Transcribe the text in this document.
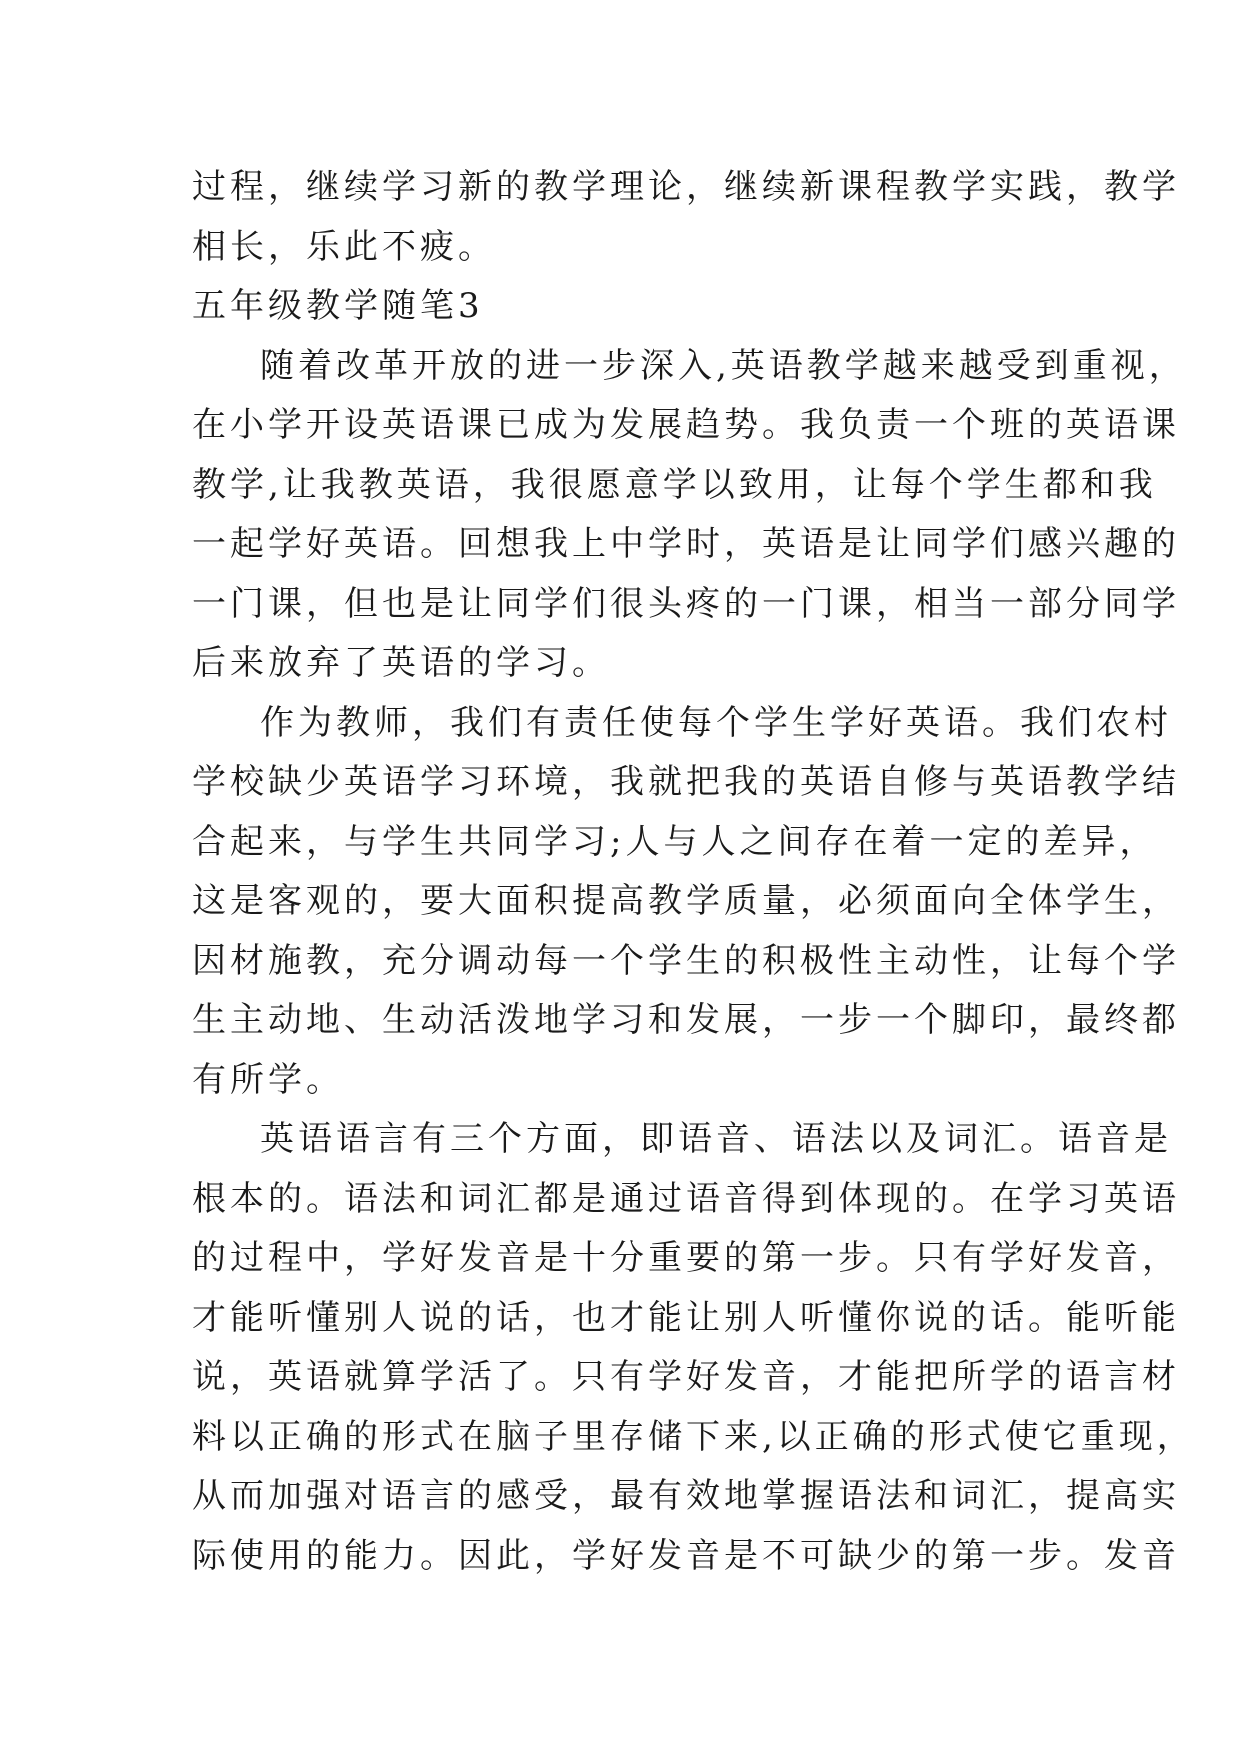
过程，继续学习新的教学理论，继续新课程教学实践，教学
相长，乐此不疲。
五年级教学随笔3
随着改革开放的进一步深入,英语教学越来越受到重视，
在小学开设英语课已成为发展趋势。我负责一个班的英语课
教学,让我教英语，我很愿意学以致用，让每个学生都和我
一起学好英语。回想我上中学时，英语是让同学们感兴趣的
一门课，但也是让同学们很头疼的一门课，相当一部分同学
后来放弃了英语的学习。
作为教师，我们有责任使每个学生学好英语。我们农村
学校缺少英语学习环境，我就把我的英语自修与英语教学结
合起来，与学生共同学习;人与人之间存在着一定的差异，
这是客观的，要大面积提高教学质量，必须面向全体学生，
因材施教，充分调动每一个学生的积极性主动性，让每个学
生主动地、生动活泼地学习和发展，一步一个脚印，最终都
有所学。
英语语言有三个方面，即语音、语法以及词汇。语音是
根本的。语法和词汇都是通过语音得到体现的。在学习英语
的过程中，学好发音是十分重要的第一步。只有学好发音，
才能听懂别人说的话，也才能让别人听懂你说的话。能听能
说，英语就算学活了。只有学好发音，才能把所学的语言材
料以正确的形式在脑子里存储下来,以正确的形式使它重现，
从而加强对语言的感受，最有效地掌握语法和词汇，提高实
际使用的能力。因此，学好发音是不可缺少的第一步。发音
